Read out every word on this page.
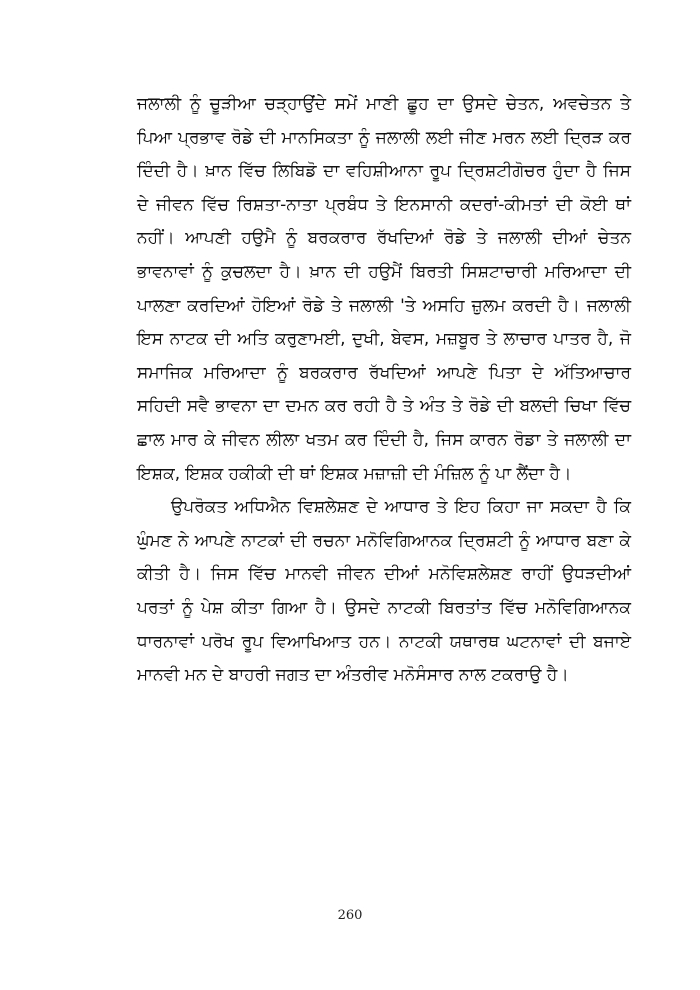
ਜਲਾਲੀ ਨੂੰ ਚੂੜੀਆ ਚੜ੍ਹਾਉਂਦੇ ਸਮੇਂ ਮਾਣੀ ਛੂਹ ਦਾ ਉਸਦੇ ਚੇਤਨ, ਅਵਚੇਤਨ ਤੇ ਪਿਆ ਪ੍ਰਭਾਵ ਰੋਡੇ ਦੀ ਮਾਨਸਿਕਤਾ ਨੂੰ ਜਲਾਲੀ ਲਈ ਜੀਣ ਮਰਨ ਲਈ ਦ੍ਰਿੜ ਕਰ ਦਿੰਦੀ ਹੈ। ਖ਼ਾਨ ਵਿੱਚ ਲਿਬਿਡੋ ਦਾ ਵਹਿਸ਼ੀਆਨਾ ਰੂਪ ਦ੍ਰਿਸ਼ਟੀਗੋਚਰ ਹੁੰਦਾ ਹੈ ਜਿਸ ਦੇ ਜੀਵਨ ਵਿੱਚ ਰਿਸ਼ਤਾ-ਨਾਤਾ ਪ੍ਰਬੰਧ ਤੇ ਇਨਸਾਨੀ ਕਦਰਾਂ-ਕੀਮਤਾਂ ਦੀ ਕੋਈ ਥਾਂ ਨਹੀਂ। ਆਪਣੀ ਹਉਮੈ ਨੂੰ ਬਰਕਰਾਰ ਰੱਖਦਿਆਂ ਰੋਡੇ ਤੇ ਜਲਾਲੀ ਦੀਆਂ ਚੇਤਨ ਭਾਵਨਾਵਾਂ ਨੂੰ ਕੁਚਲਦਾ ਹੈ। ਖ਼ਾਨ ਦੀ ਹਉਮੈਂ ਬਿਰਤੀ ਸਿਸ਼ਟਾਚਾਰੀ ਮਰਿਆਦਾ ਦੀ ਪਾਲਣਾ ਕਰਦਿਆਂ ਹੋਇਆਂ ਰੋਡੇ ਤੇ ਜਲਾਲੀ 'ਤੇ ਅਸਹਿ ਜ਼ੁਲਮ ਕਰਦੀ ਹੈ। ਜਲਾਲੀ ਇਸ ਨਾਟਕ ਦੀ ਅਤਿ ਕਰੁਣਾਮਈ, ਦੁਖੀ, ਬੇਵਸ, ਮਜ਼ਬੂਰ ਤੇ ਲਾਚਾਰ ਪਾਤਰ ਹੈ, ਜੋ ਸਮਾਜਿਕ ਮਰਿਆਦਾ ਨੂੰ ਬਰਕਰਾਰ ਰੱਖਦਿਆਂ ਆਪਣੇ ਪਿਤਾ ਦੇ ਅੱਤਿਆਚਾਰ ਸਹਿਦੀ ਸਵੈ ਭਾਵਨਾ ਦਾ ਦਮਨ ਕਰ ਰਹੀ ਹੈ ਤੇ ਅੰਤ ਤੇ ਰੋਡੇ ਦੀ ਬਲਦੀ ਚਿਖਾ ਵਿੱਚ ਛਾਲ ਮਾਰ ਕੇ ਜੀਵਨ ਲੀਲਾ ਖਤਮ ਕਰ ਦਿੰਦੀ ਹੈ, ਜਿਸ ਕਾਰਨ ਰੋਡਾ ਤੇ ਜਲਾਲੀ ਦਾ ਇਸ਼ਕ, ਇਸ਼ਕ ਹਕੀਕੀ ਦੀ ਥਾਂ ਇਸ਼ਕ ਮਜ਼ਾਜ਼ੀ ਦੀ ਮੰਜ਼ਿਲ ਨੂੰ ਪਾ ਲੈਂਦਾ ਹੈ।

ਉਪਰੋਕਤ ਅਧਿਐਨ ਵਿਸ਼ਲੇਸ਼ਣ ਦੇ ਆਧਾਰ ਤੇ ਇਹ ਕਿਹਾ ਜਾ ਸਕਦਾ ਹੈ ਕਿ ਘੁੰਮਣ ਨੇ ਆਪਣੇ ਨਾਟਕਾਂ ਦੀ ਰਚਨਾ ਮਨੋਵਿਗਿਆਨਕ ਦ੍ਰਿਸ਼ਟੀ ਨੂੰ ਆਧਾਰ ਬਣਾ ਕੇ ਕੀਤੀ ਹੈ। ਜਿਸ ਵਿੱਚ ਮਾਨਵੀ ਜੀਵਨ ਦੀਆਂ ਮਨੋਵਿਸ਼ਲੇਸ਼ਣ ਰਾਹੀਂ ਉਧੜਦੀਆਂ ਪਰਤਾਂ ਨੂੰ ਪੇਸ਼ ਕੀਤਾ ਗਿਆ ਹੈ। ਉਸਦੇ ਨਾਟਕੀ ਬਿਰਤਾਂਤ ਵਿੱਚ ਮਨੋਵਿਗਿਆਨਕ ਧਾਰਨਾਵਾਂ ਪਰੋਖ ਰੂਪ ਵਿਆਖਿਆਤ ਹਨ। ਨਾਟਕੀ ਯਥਾਰਥ ਘਟਨਾਵਾਂ ਦੀ ਬਜਾਏ ਮਾਨਵੀ ਮਨ ਦੇ ਬਾਹਰੀ ਜਗਤ ਦਾ ਅੰਤਰੀਵ ਮਨੋਸੰਸਾਰ ਨਾਲ ਟਕਰਾਉ ਹੈ।

260
